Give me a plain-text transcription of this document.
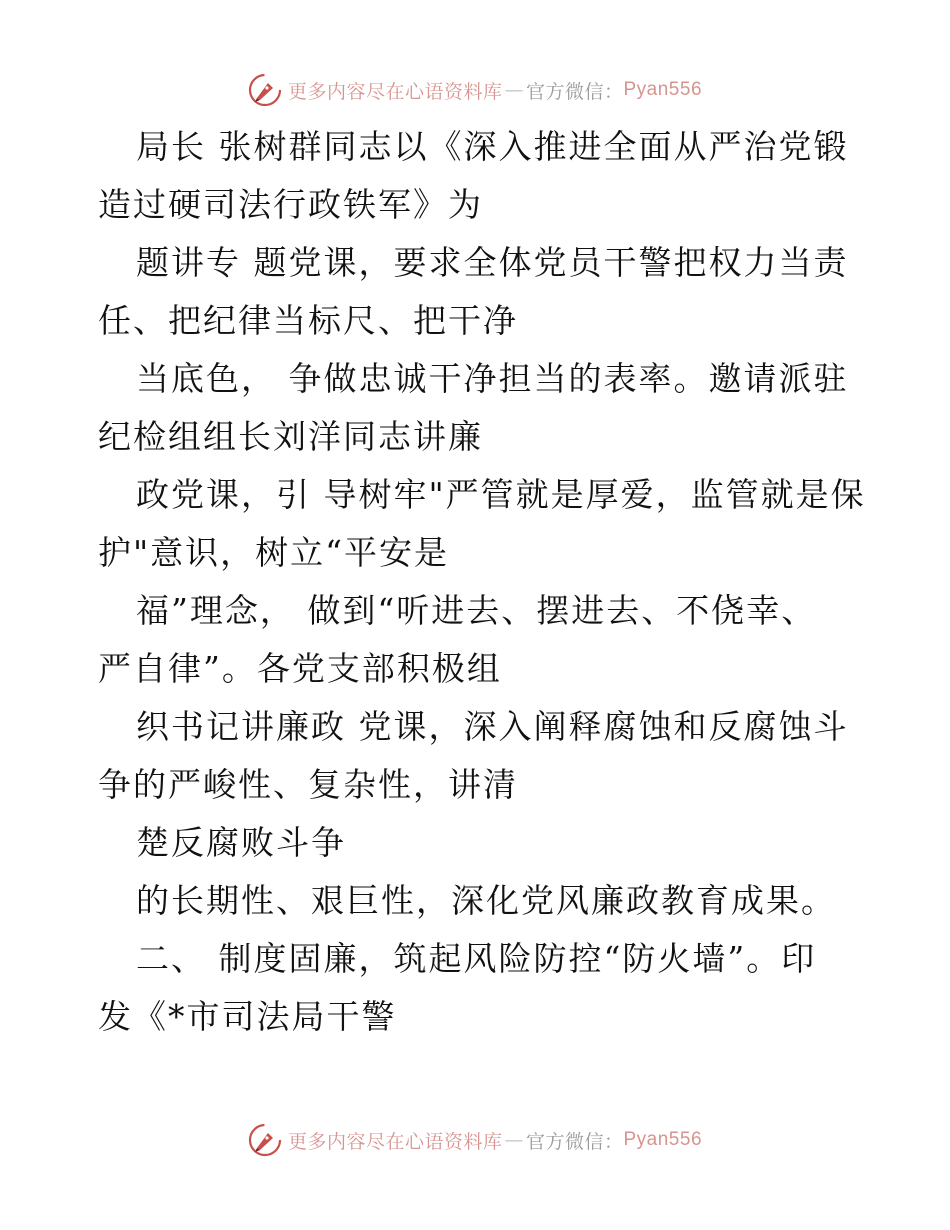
更多内容尽在心语资料库 — 官方微信： Pyan556
局长 张树群同志以《深入推进全面从严治党锻
造过硬司法行政铁军》为
题讲专 题党课，要求全体党员干警把权力当责
任、把纪律当标尺、把干净
当底色， 争做忠诚干净担当的表率。邀请派驻
纪检组组长刘洋同志讲廉
政党课，引 导树牢"严管就是厚爱，监管就是保
护"意识，树立“平安是
福”理念， 做到“听进去、摆进去、不侥幸、
严自律”。各党支部积极组
织书记讲廉政 党课，深入阐释腐蚀和反腐蚀斗
争的严峻性、复杂性，讲清
楚反腐败斗争
的长期性、艰巨性，深化党风廉政教育成果。
二、 制度固廉，筑起风险防控“防火墙”。印
发《*市司法局干警
更多内容尽在心语资料库 — 官方微信： Pyan556
